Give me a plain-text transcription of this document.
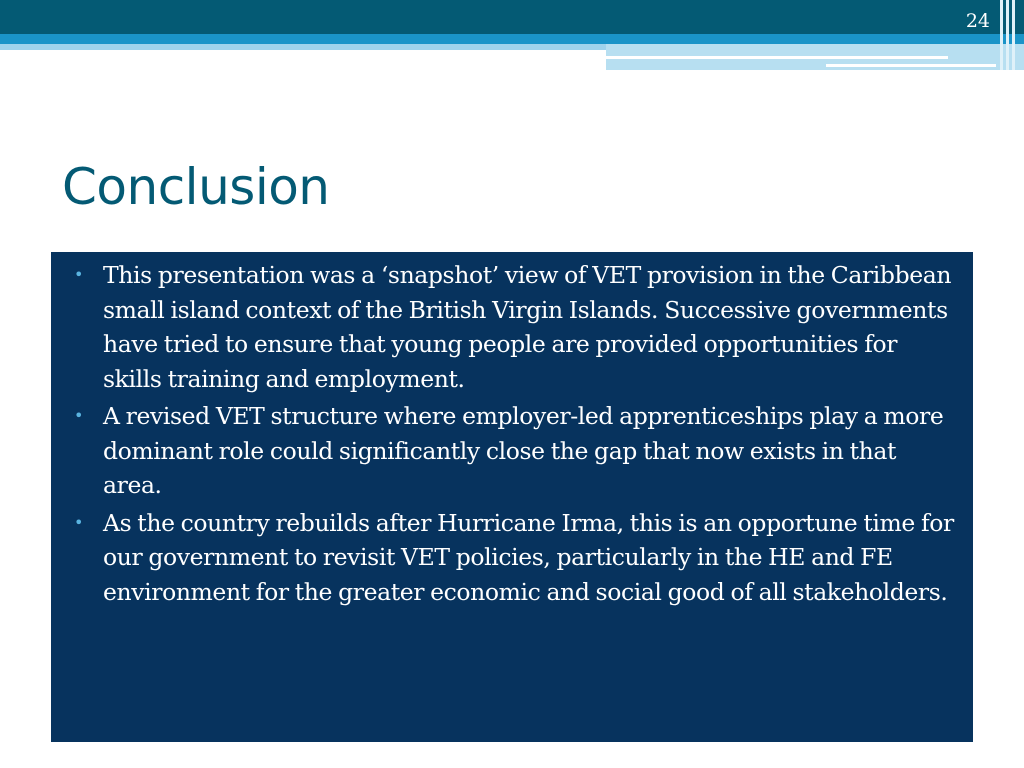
24
Conclusion
• This presentation was a ‘snapshot’ view of VET provision in the Caribbean small island context of the British Virgin Islands. Successive governments have tried to ensure that young people are provided opportunities for skills training and employment.
• A revised VET structure where employer-led apprenticeships play a more dominant role could significantly close the gap that now exists in that area.
• As the country rebuilds after Hurricane Irma, this is an opportune time for our government to revisit VET policies, particularly in the HE and FE environment for the greater economic and social good of all stakeholders.
